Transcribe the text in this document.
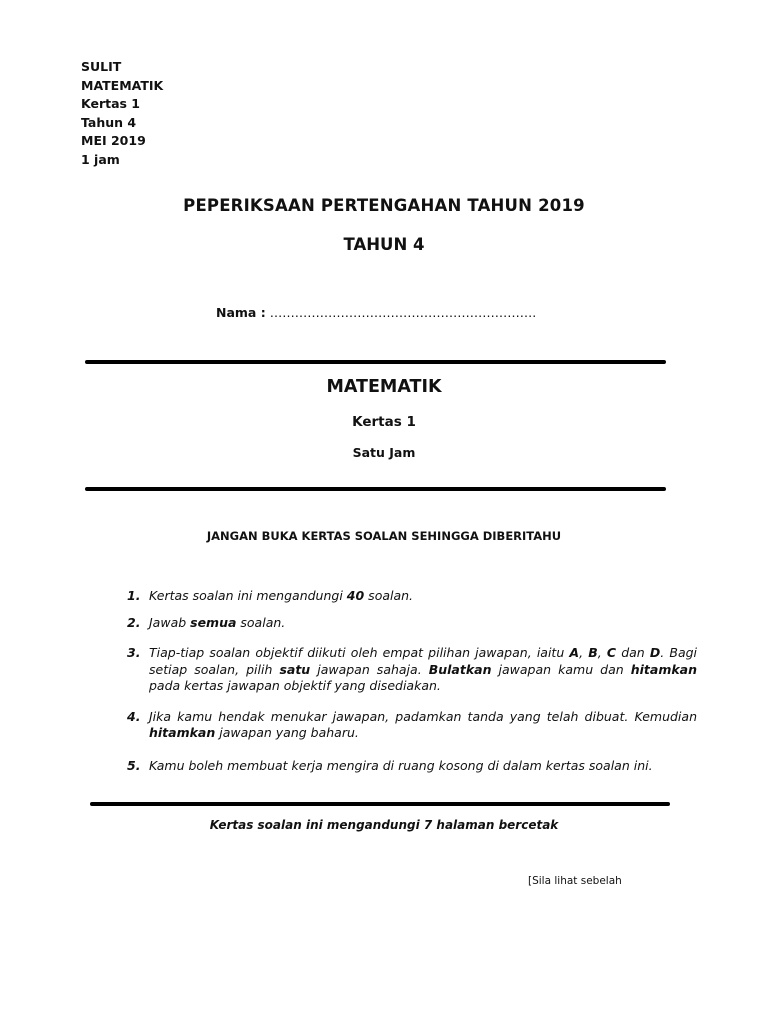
SULIT
MATEMATIK
Kertas 1
Tahun 4
MEI 2019
1 jam
PEPERIKSAAN PERTENGAHAN TAHUN 2019
TAHUN 4
Nama : ……………………………………………………….
MATEMATIK
Kertas 1
Satu Jam
JANGAN BUKA KERTAS SOALAN SEHINGGA DIBERITAHU
1. Kertas soalan ini mengandungi 40 soalan.
2. Jawab semua soalan.
3. Tiap-tiap soalan objektif diikuti oleh empat pilihan jawapan, iaitu A, B, C dan D. Bagi setiap soalan, pilih satu jawapan sahaja. Bulatkan jawapan kamu dan hitamkan pada kertas jawapan objektif yang disediakan.
4. Jika kamu hendak menukar jawapan, padamkan tanda yang telah dibuat. Kemudian hitamkan jawapan yang baharu.
5. Kamu boleh membuat kerja mengira di ruang kosong di dalam kertas soalan ini.
Kertas soalan ini mengandungi 7 halaman bercetak
[Sila lihat sebelah
